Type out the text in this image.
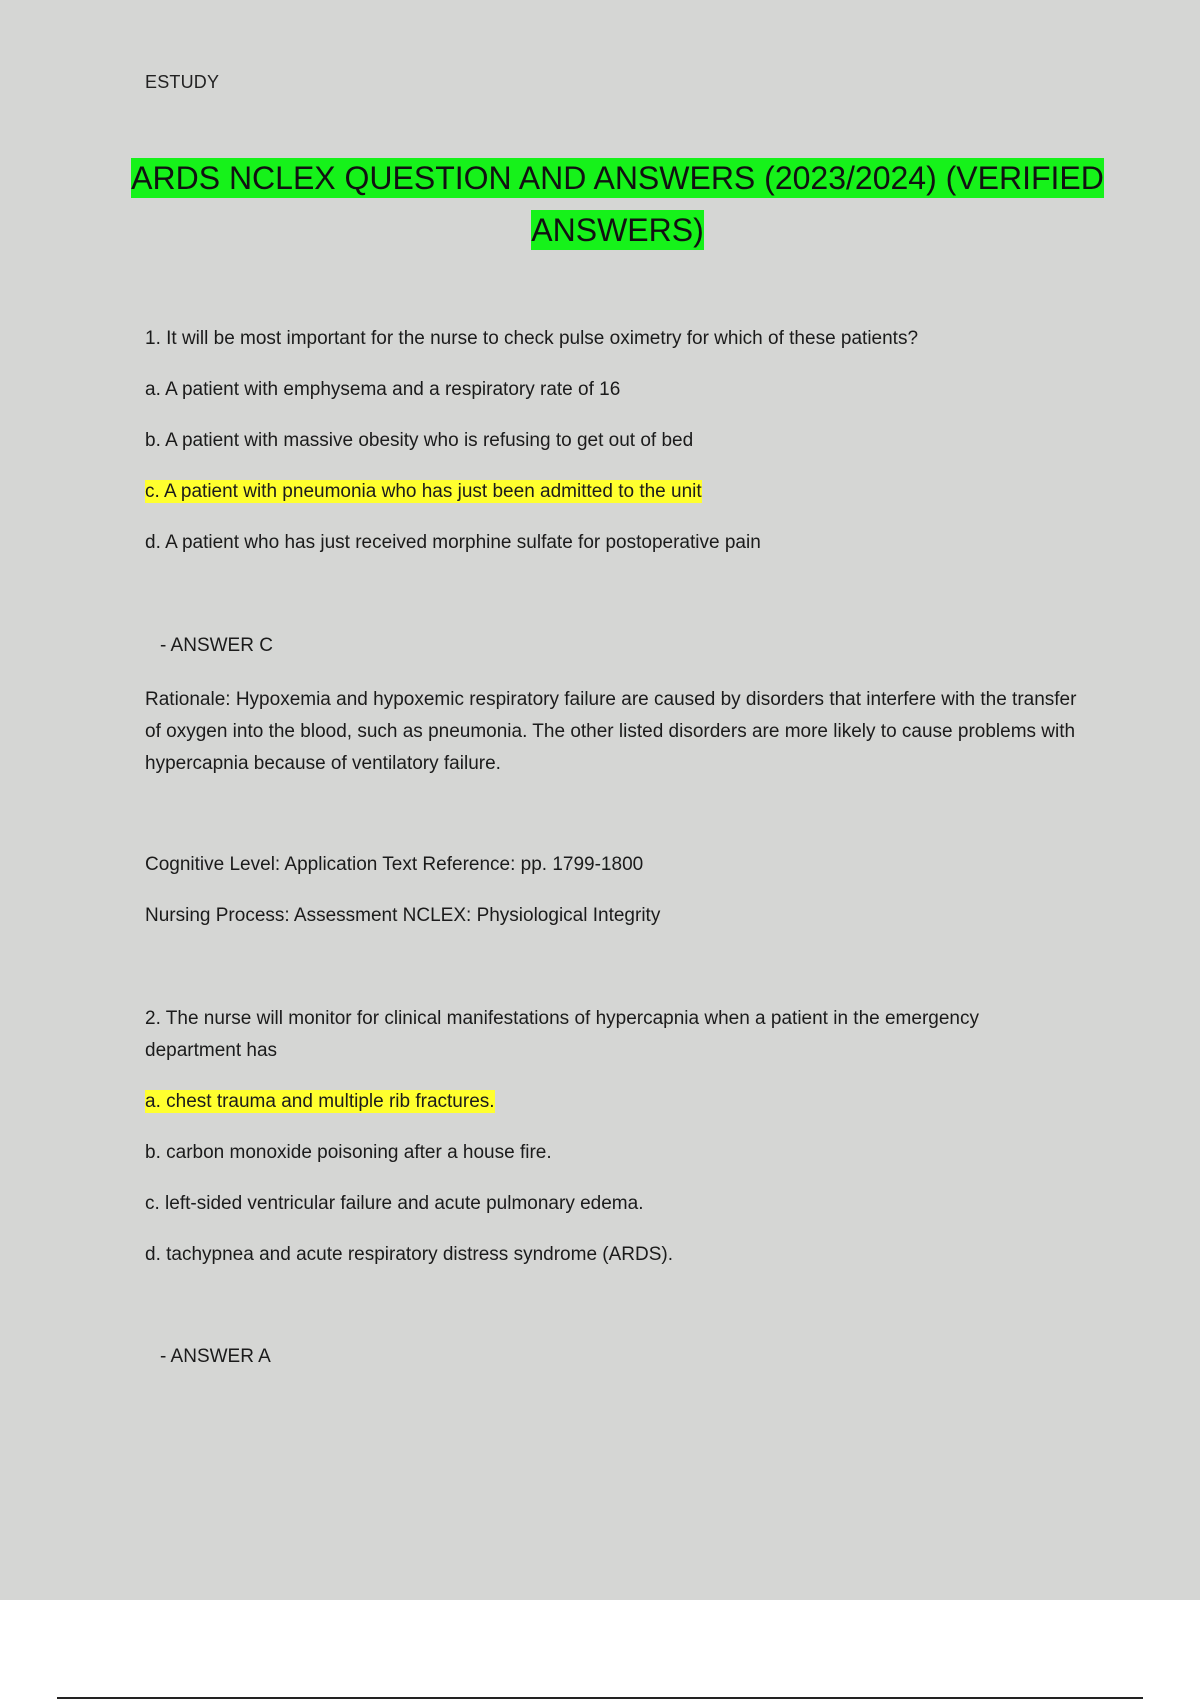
ESTUDY
ARDS NCLEX QUESTION AND ANSWERS (2023/2024) (VERIFIED
ANSWERS)
1. It will be most important for the nurse to check pulse oximetry for which of these patients?
a. A patient with emphysema and a respiratory rate of 16
b. A patient with massive obesity who is refusing to get out of bed
c. A patient with pneumonia who has just been admitted to the unit
d. A patient who has just received morphine sulfate for postoperative pain
- ANSWER C
Rationale: Hypoxemia and hypoxemic respiratory failure are caused by disorders that interfere with the transfer of oxygen into the blood, such as pneumonia. The other listed disorders are more likely to cause problems with hypercapnia because of ventilatory failure.
Cognitive Level: Application Text Reference: pp. 1799-1800
Nursing Process: Assessment NCLEX: Physiological Integrity
2. The nurse will monitor for clinical manifestations of hypercapnia when a patient in the emergency department has
a. chest trauma and multiple rib fractures.
b. carbon monoxide poisoning after a house fire.
c. left-sided ventricular failure and acute pulmonary edema.
d. tachypnea and acute respiratory distress syndrome (ARDS).
- ANSWER A
